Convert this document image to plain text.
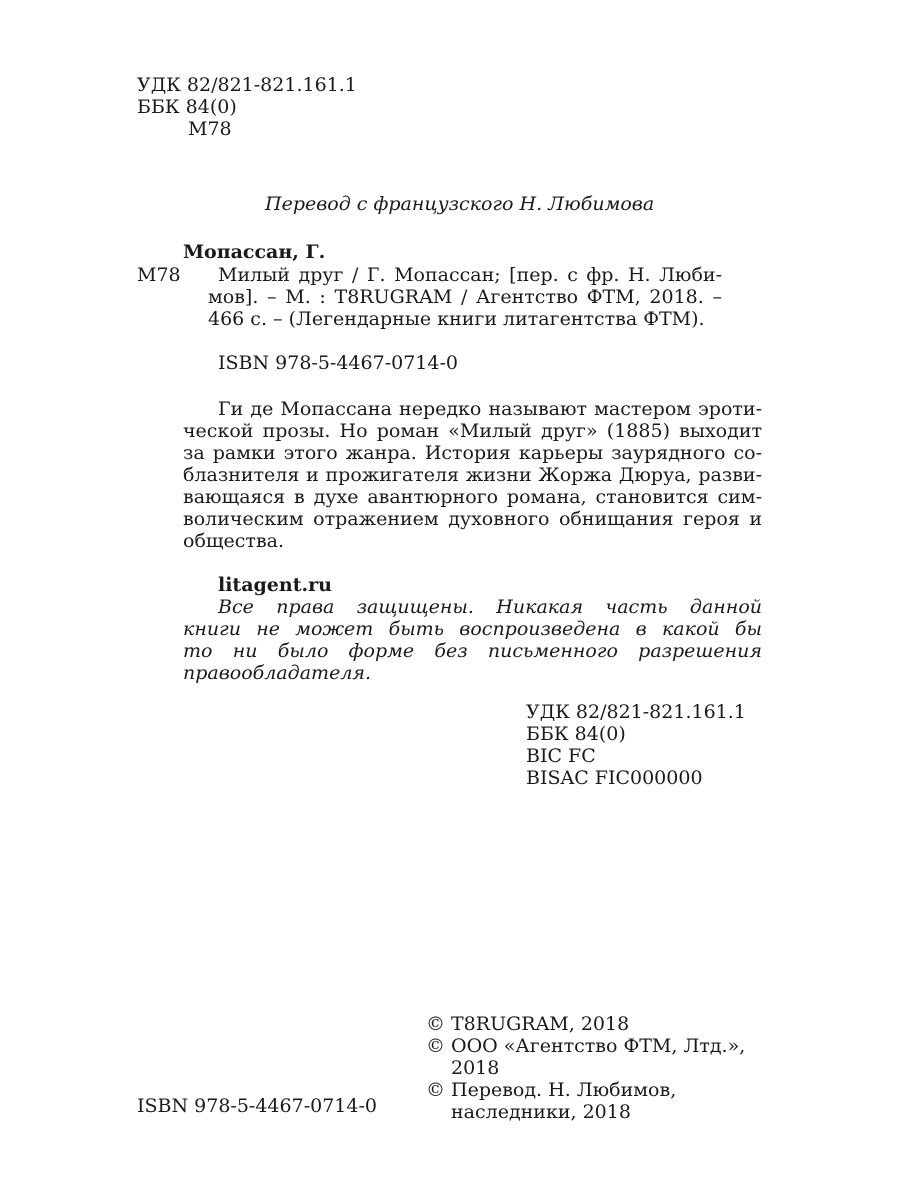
УДК 82/821-821.161.1
ББК 84(0)
М78
Перевод с французского Н. Любимова
Мопассан, Г.
М78	Милый друг / Г. Мопассан; [пер. с фр. Н. Люби-
мов]. – М. : T8RUGRAM / Агентство ФТМ, 2018. –
466 с. – (Легендарные книги литагентства ФТМ).
ISBN 978-5-4467-0714-0
Ги де Мопассана нередко называют мастером эроти-
ческой прозы. Но роман «Милый друг» (1885) выходит
за рамки этого жанра. История карьеры заурядного со-
блазнителя и прожигателя жизни Жоржа Дюруа, разви-
вающаяся в духе авантюрного романа, становится сим-
волическим отражением духовного обнищания героя и
общества.
litagent.ru
Все права защищены. Никакая часть данной
книги не может быть воспроизведена в какой бы
то ни было форме без письменного разрешения
правообладателя.
УДК 82/821-821.161.1
ББК 84(0)
BIC FC
BISAC FIC000000
© T8RUGRAM, 2018
© ООО «Агентство ФТМ, Лтд.»,
2018
© Перевод. Н. Любимов,
наследники, 2018
ISBN 978-5-4467-0714-0
